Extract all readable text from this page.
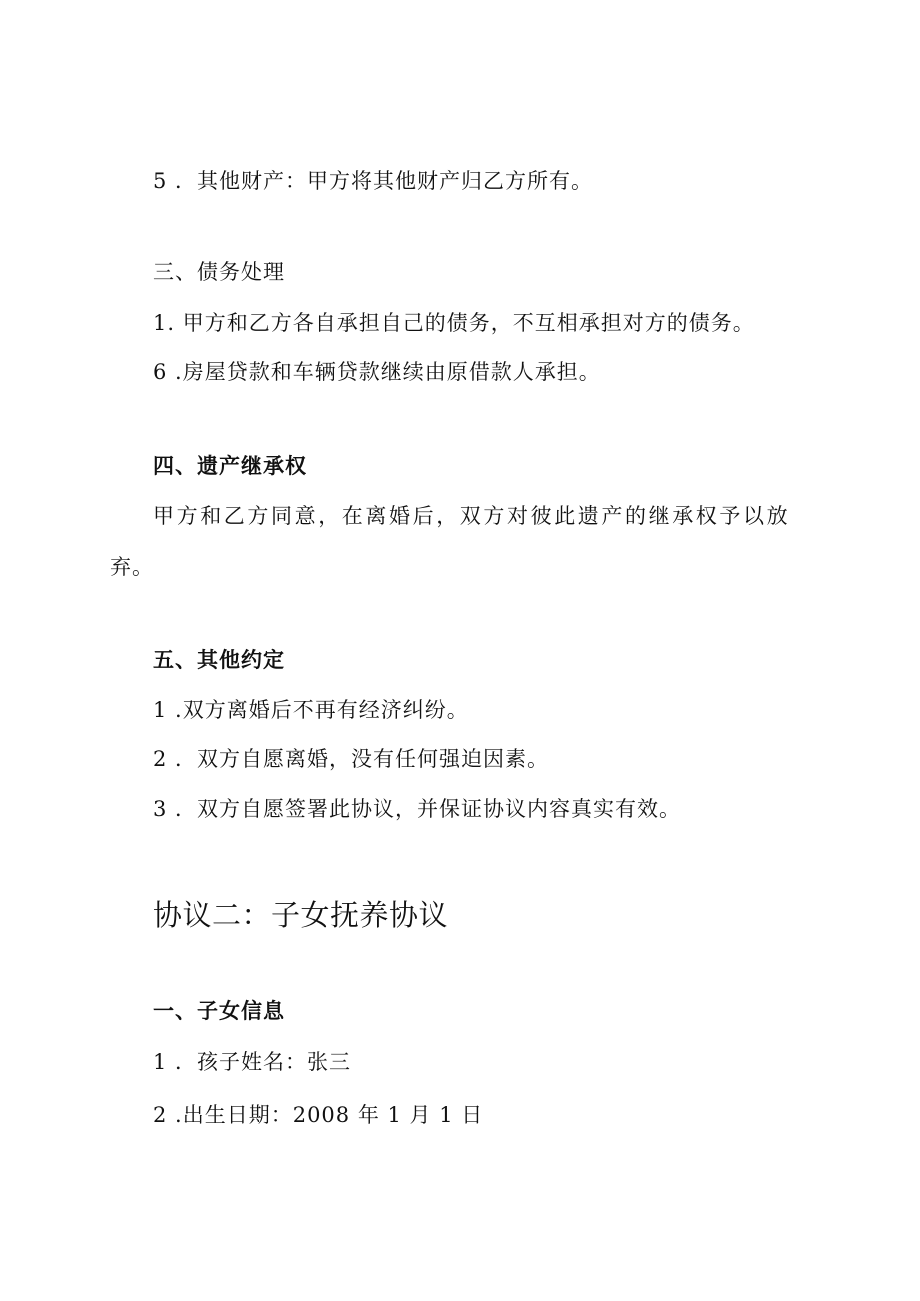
5 ．其他财产：甲方将其他财产归乙方所有。

三、债务处理

1. 甲方和乙方各自承担自己的债务，不互相承担对方的债务。

6 .房屋贷款和车辆贷款继续由原借款人承担。

四、遗产继承权

甲方和乙方同意，在离婚后，双方对彼此遗产的继承权予以放

弃。

五、其他约定

1 .双方离婚后不再有经济纠纷。

2 ．双方自愿离婚，没有任何强迫因素。

3 ．双方自愿签署此协议，并保证协议内容真实有效。

协议二：子女抚养协议

一、子女信息

1 ．孩子姓名：张三

2 .出生日期：2008 年 1 月 1 日
